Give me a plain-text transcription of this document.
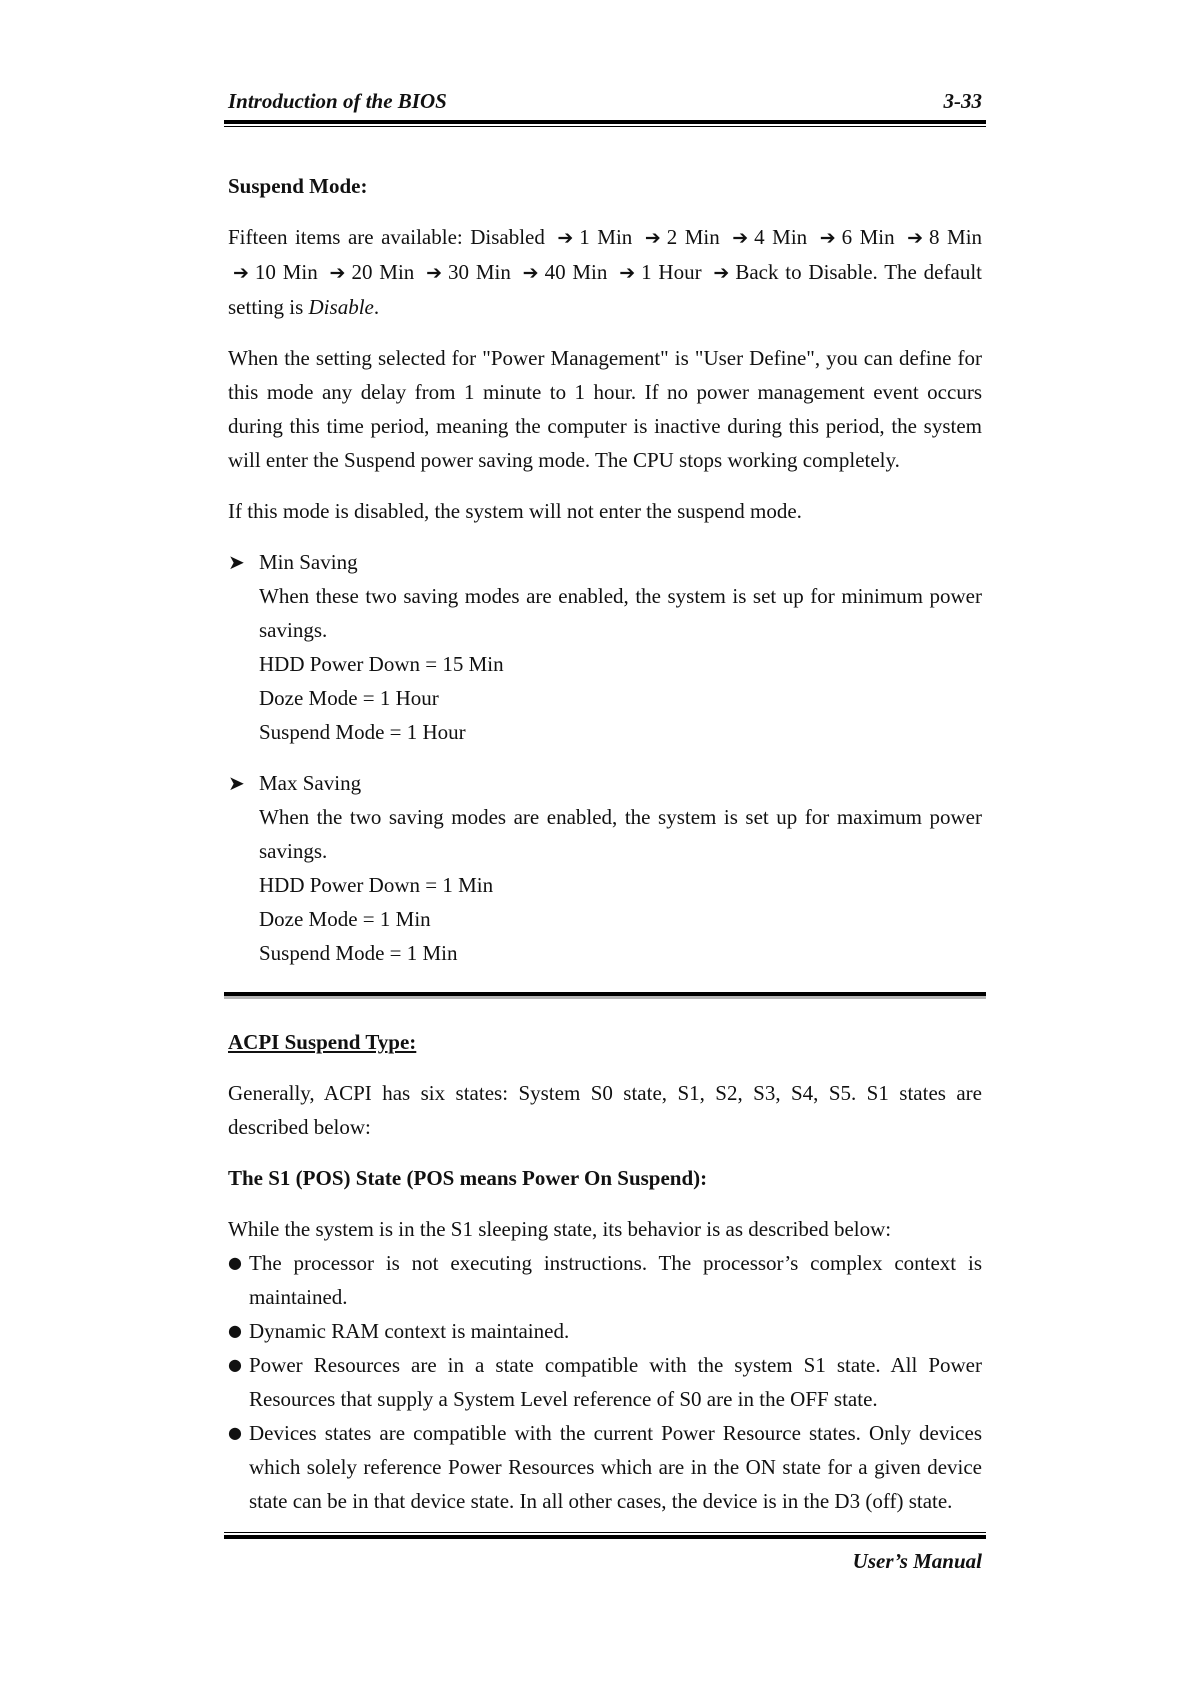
Introduction of the BIOS	3-33
Suspend Mode:

Fifteen items are available: Disabled ➔ 1 Min ➔ 2 Min ➔ 4 Min ➔ 6 Min ➔ 8 Min ➔ 10 Min ➔ 20 Min ➔ 30 Min ➔ 40 Min ➔ 1 Hour ➔ Back to Disable. The default setting is Disable.

When the setting selected for "Power Management" is "User Define", you can define for this mode any delay from 1 minute to 1 hour. If no power management event occurs during this time period, meaning the computer is inactive during this period, the system will enter the Suspend power saving mode. The CPU stops working completely.

If this mode is disabled, the system will not enter the suspend mode.

➤ Min Saving
When these two saving modes are enabled, the system is set up for minimum power savings.
HDD Power Down = 15 Min
Doze Mode = 1 Hour
Suspend Mode = 1 Hour
➤ Max Saving
When the two saving modes are enabled, the system is set up for maximum power savings.
HDD Power Down = 1 Min
Doze Mode = 1 Min
Suspend Mode = 1 Min
ACPI Suspend Type:

Generally, ACPI has six states: System S0 state, S1, S2, S3, S4, S5. S1 states are described below:

The S1 (POS) State (POS means Power On Suspend):

While the system is in the S1 sleeping state, its behavior is as described below:

● The processor is not executing instructions. The processor’s complex context is maintained.
● Dynamic RAM context is maintained.
● Power Resources are in a state compatible with the system S1 state. All Power Resources that supply a System Level reference of S0 are in the OFF state.
● Devices states are compatible with the current Power Resource states. Only devices which solely reference Power Resources which are in the ON state for a given device state can be in that device state. In all other cases, the device is in the D3 (off) state.
User’s Manual
